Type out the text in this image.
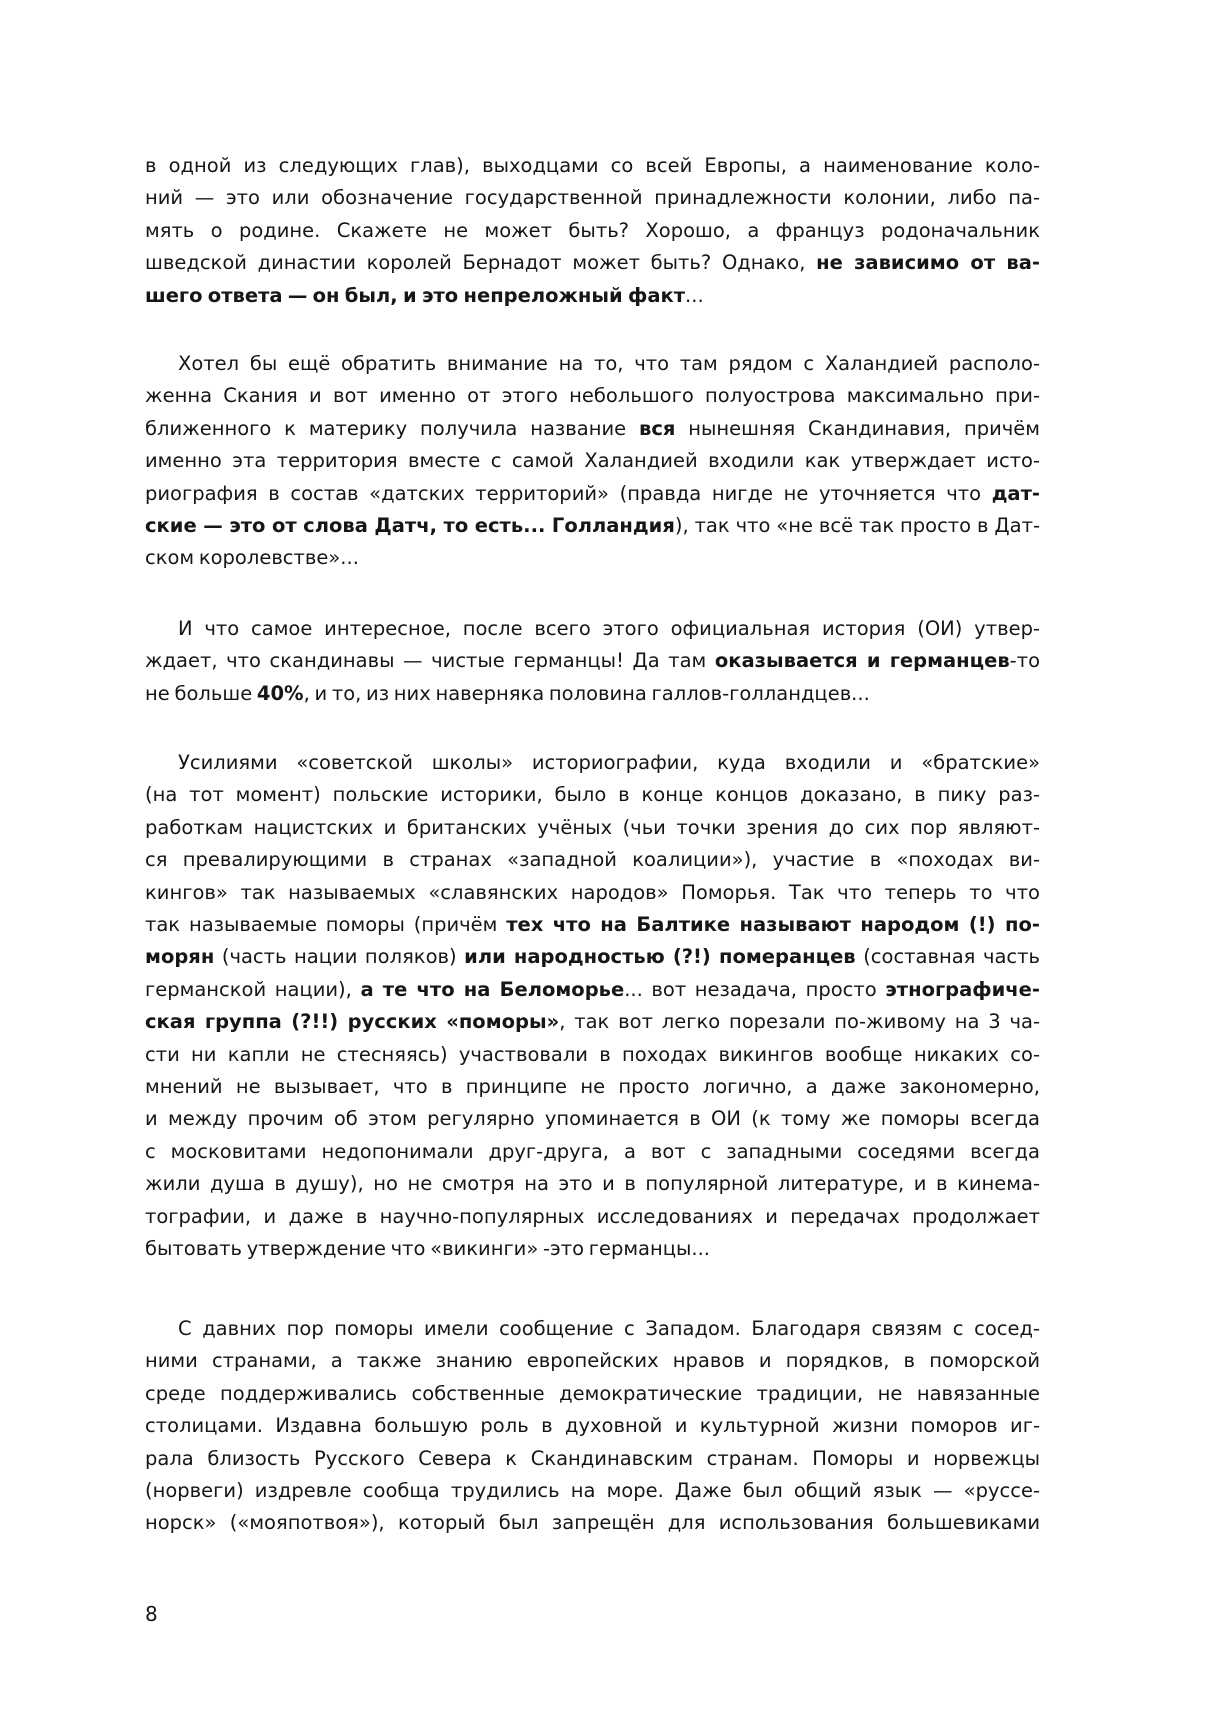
в одной из следующих глав), выходцами со всей Европы, а наименование коло-
ний — это или обозначение государственной принадлежности колонии, либо па-
мять о родине. Скажете не может быть? Хорошо, а француз родоначальник
шведской династии королей Бернадот может быть? Однако, не зависимо от ва-
шего ответа — он был, и это непреложный факт...

Хотел бы ещё обратить внимание на то, что там рядом с Халандией располо-
женна Скания и вот именно от этого небольшого полуострова максимально при-
ближенного к материку получила название вся нынешняя Скандинавия, причём
именно эта территория вместе с самой Халандией входили как утверждает исто-
риография в состав «датских территорий» (правда нигде не уточняется что дат-
ские — это от слова Датч, то есть... Голландия), так что «не всё так просто в Дат-
ском королевстве»...

И что самое интересное, после всего этого официальная история (ОИ) утвер-
ждает, что скандинавы — чистые германцы! Да там оказывается и германцев-то
не больше 40%, и то, из них наверняка половина галлов-голландцев...

Усилиями «советской школы» историографии, куда входили и «братские»
(на тот момент) польские историки, было в конце концов доказано, в пику раз-
работкам нацистских и британских учёных (чьи точки зрения до сих пор являют-
ся превалирующими в странах «западной коалиции»), участие в «походах ви-
кингов» так называемых «славянских народов» Поморья. Так что теперь то что
так называемые поморы (причём тех что на Балтике называют народом (!) по-
морян (часть нации поляков) или народностью (?!) померанцев (составная часть
германской нации), а те что на Беломорье... вот незадача, просто этнографиче-
ская группа (?!!) русских «поморы», так вот легко порезали по-живому на 3 ча-
сти ни капли не стесняясь) участвовали в походах викингов вообще никаких со-
мнений не вызывает, что в принципе не просто логично, а даже закономерно,
и между прочим об этом регулярно упоминается в ОИ (к тому же поморы всегда
с московитами недопонимали друг-друга, а вот с западными соседями всегда
жили душа в душу), но не смотря на это и в популярной литературе, и в кинема-
тографии, и даже в научно-популярных исследованиях и передачах продолжает
бытовать утверждение что «викинги» -это германцы...

С давних пор поморы имели сообщение с Западом. Благодаря связям с сосед-
ними странами, а также знанию европейских нравов и порядков, в поморской
среде поддерживались собственные демократические традиции, не навязанные
столицами. Издавна большую роль в духовной и культурной жизни поморов иг-
рала близость Русского Севера к Скандинавским странам. Поморы и норвежцы
(норвеги) издревле сообща трудились на море. Даже был общий язык — «руссе-
норск» («мояпотвоя»), который был запрещён для использования большевиками

8
